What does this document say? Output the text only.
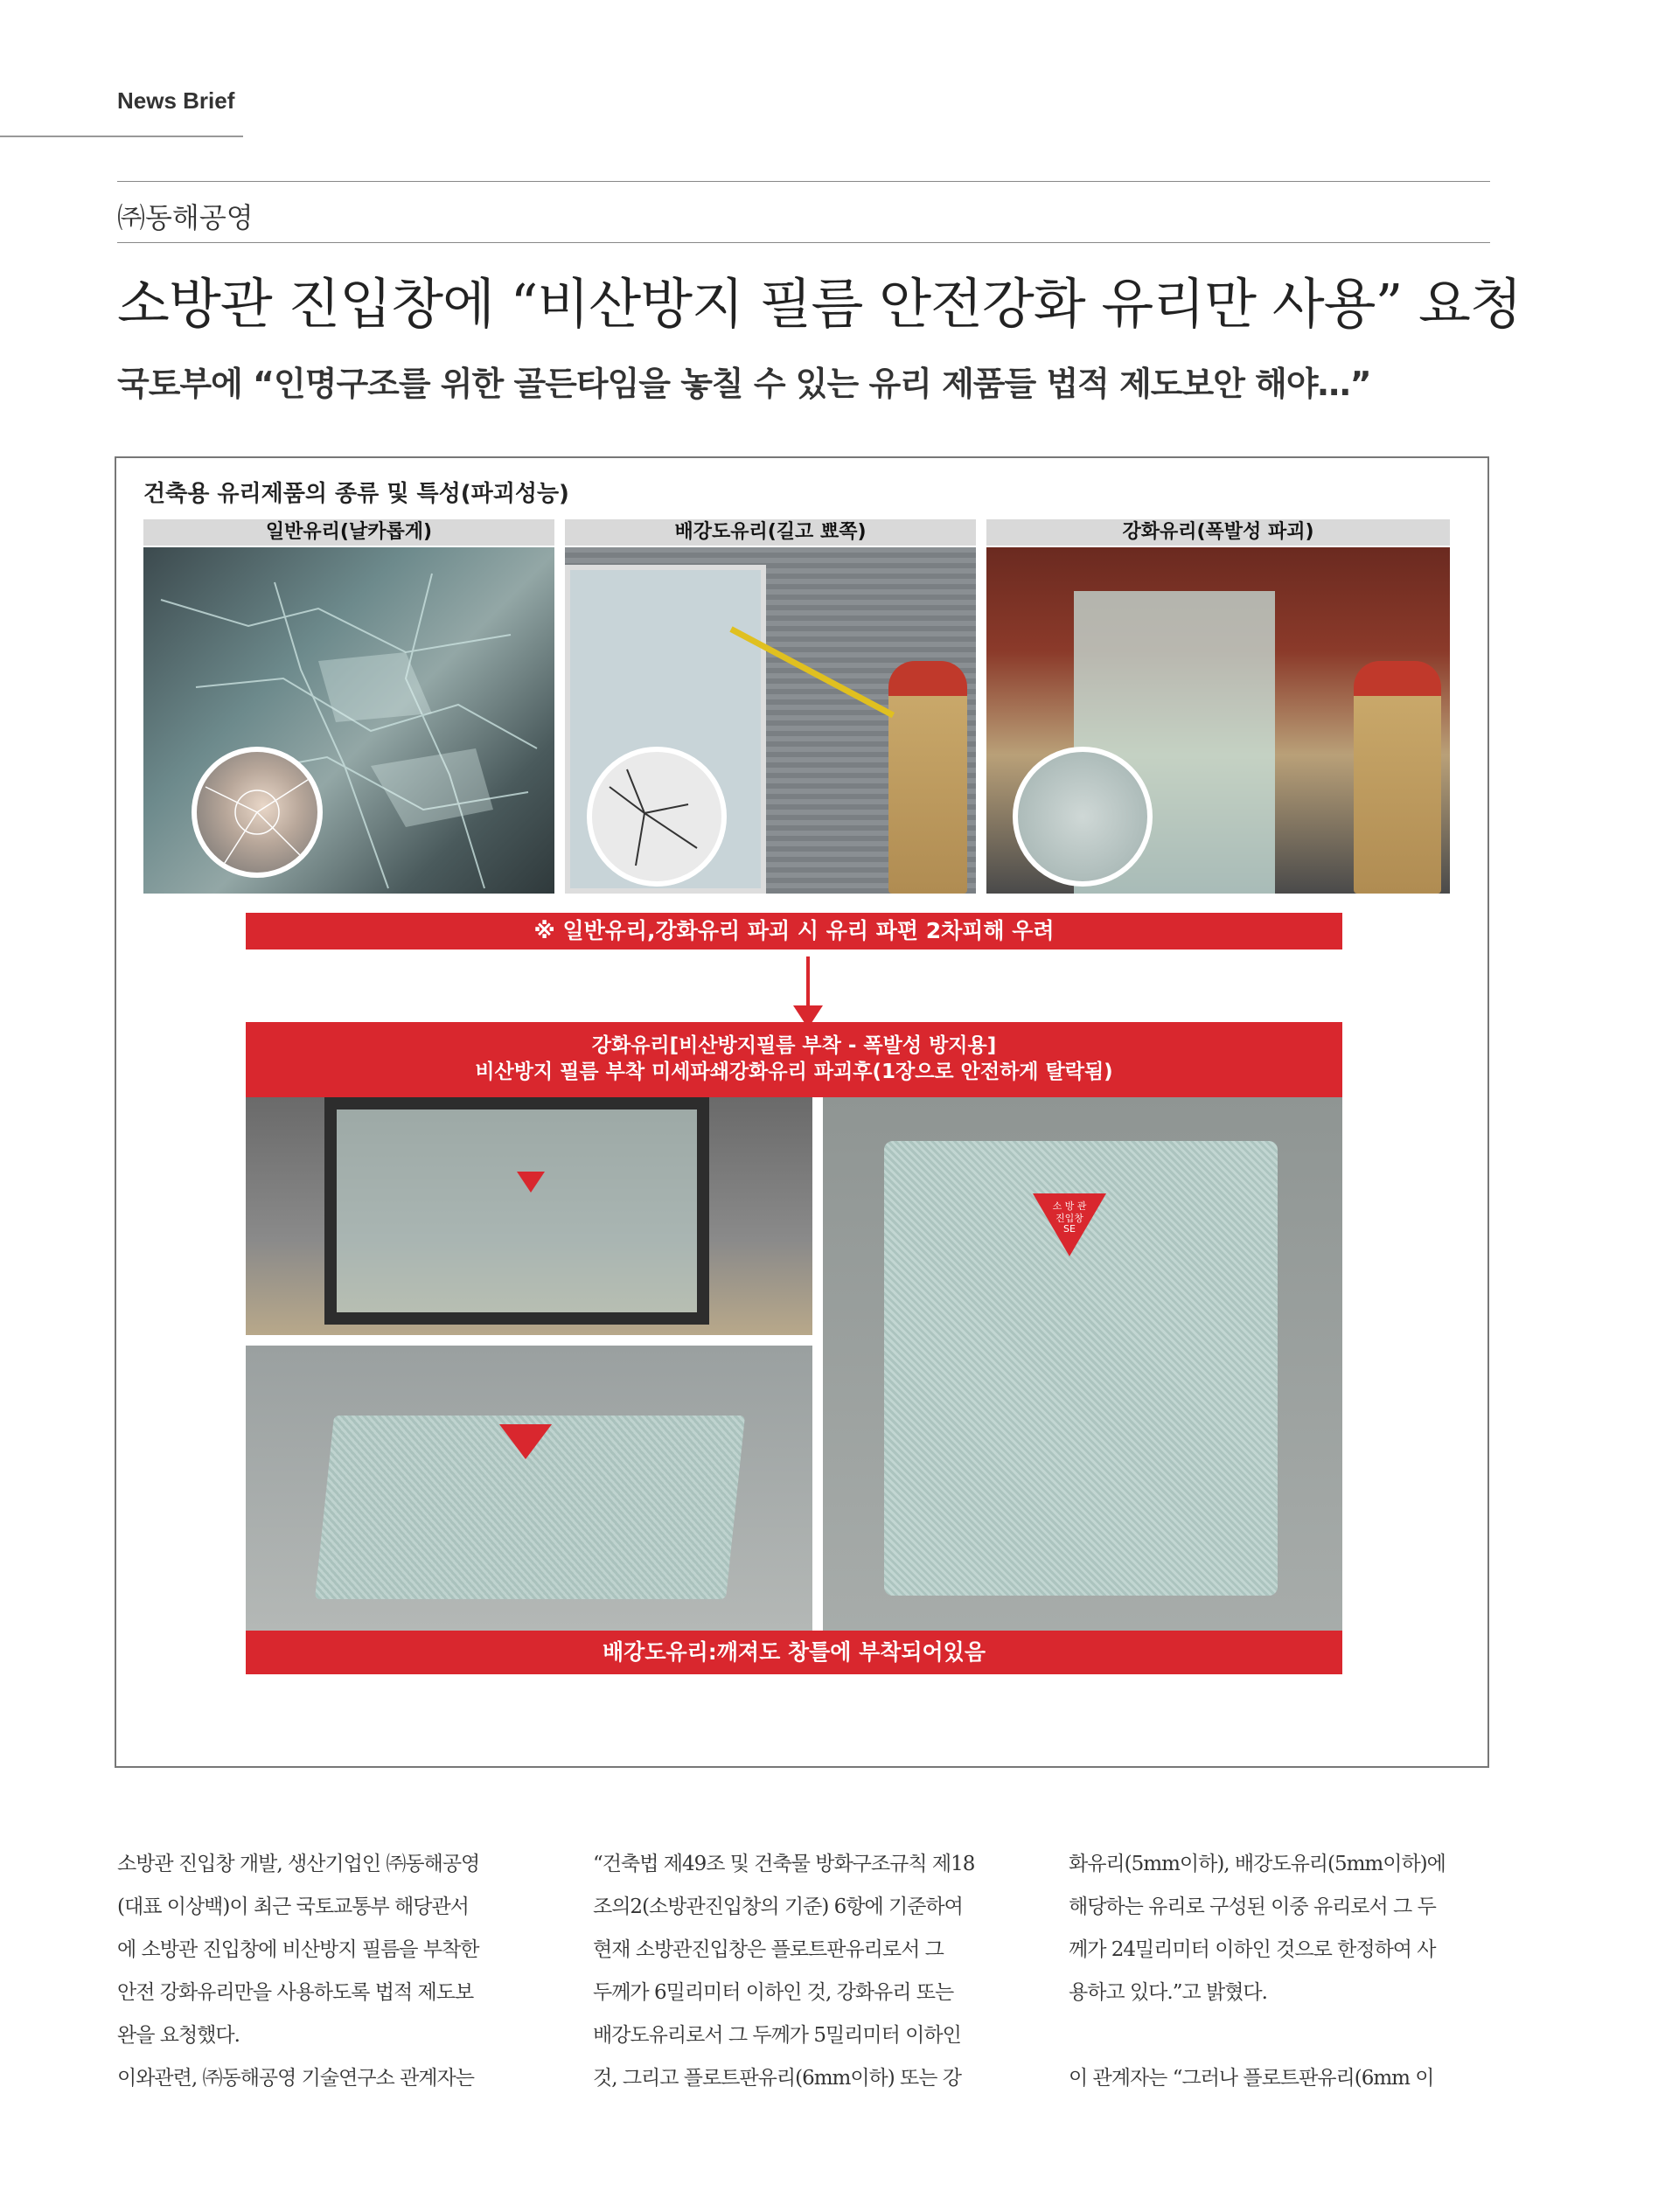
News Brief
㈜동해공영
소방관 진입창에 “비산방지 필름 안전강화 유리만 사용” 요청
국토부에 “인명구조를 위한 골든타임을 놓칠 수 있는 유리 제품들 법적 제도보안 해야…”
건축용 유리제품의 종류 및 특성(파괴성능)
일반유리(날카롭게)	배강도유리(길고 뾰쪽)	강화유리(폭발성 파괴)
※ 일반유리,강화유리 파괴 시 유리 파편 2차피해 우려
강화유리[비산방지필름 부착 - 폭발성 방지용]
비산방지 필름 부착 미세파쇄강화유리 파괴후(1장으로 안전하게 탈락됨)
소 방 관
진입창
SE
배강도유리:깨져도 창틀에 부착되어있음

소방관 진입창 개발, 생산기업인 ㈜동해공영

(대표 이상백)이 최근 국토교통부 해당관서

에 소방관 진입창에 비산방지 필름을 부착한

안전 강화유리만을 사용하도록 법적 제도보

완을 요청했다.

이와관련, ㈜동해공영 기술연구소 관계자는

“건축법 제49조 및 건축물 방화구조규칙 제18

조의2(소방관진입창의 기준) 6항에 기준하여

현재 소방관진입창은 플로트판유리로서 그

두께가 6밀리미터 이하인 것, 강화유리 또는

배강도유리로서 그 두께가 5밀리미터 이하인

것, 그리고 플로트판유리(6mm이하) 또는 강

화유리(5mm이하), 배강도유리(5mm이하)에

해당하는 유리로 구성된 이중 유리로서 그 두

께가 24밀리미터 이하인 것으로 한정하여 사

용하고 있다.”고 밝혔다.

이 관계자는 “그러나 플로트판유리(6mm 이
